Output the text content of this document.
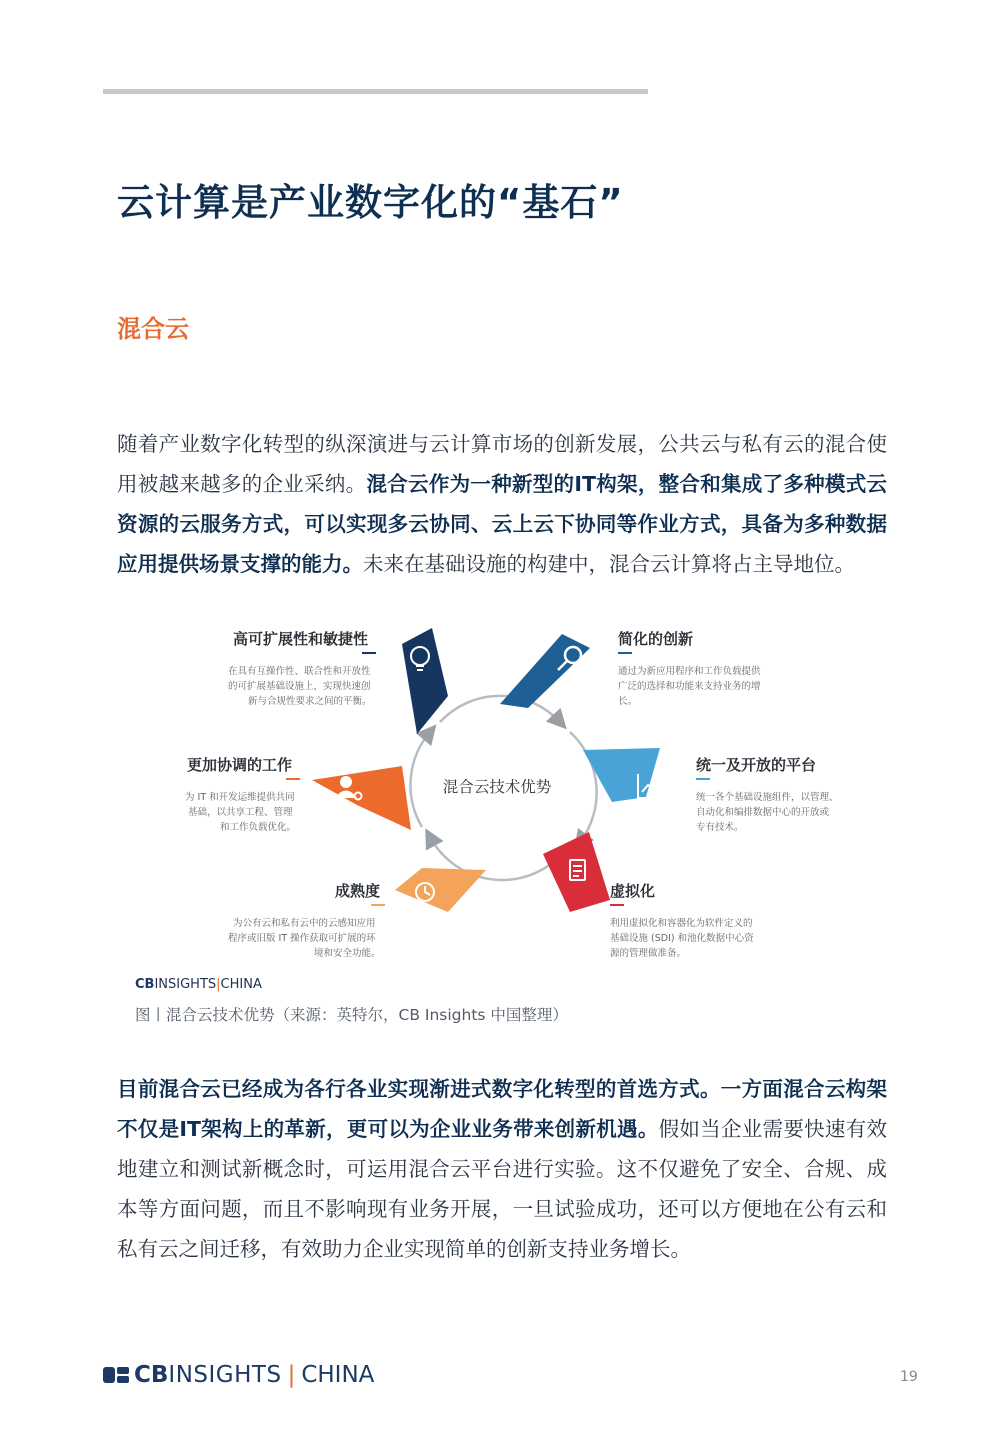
云计算是产业数字化的“基石”
混合云

随着产业数字化转型的纵深演进与云计算市场的创新发展，公共云与私有云的混合使用被越来越多的企业采纳。混合云作为一种新型的IT构架，整合和集成了多种模式云资源的云服务方式，可以实现多云协同、云上云下协同等作业方式，具备为多种数据应用提供场景支撑的能力。未来在基础设施的构建中，混合云计算将占主导地位。

混合云技术优势
高可扩展性和敏捷性
在具有互操作性、联合性和开放性
的可扩展基础设施上，实现快速创
新与合规性要求之间的平衡。
简化的创新
通过为新应用程序和工作负载提供
广泛的选择和功能来支持业务的增
长。
统一及开放的平台
统一各个基础设施组件，以管理、
自动化和编排数据中心的开放或
专有技术。
虚拟化
利用虚拟化和容器化为软件定义的
基础设施 (SDI) 和池化数据中心资
源的管理做准备。
成熟度
为公有云和私有云中的云感知应用
程序或旧版 IT 操作获取可扩展的环
境和安全功能。
更加协调的工作
为 IT 和开发运维提供共同
基础，以共享工程、管理
和工作负载优化。
CBINSIGHTS|CHINA
图丨混合云技术优势（来源：英特尔，CB Insights 中国整理）

目前混合云已经成为各行各业实现渐进式数字化转型的首选方式。一方面混合云构架不仅是IT架构上的革新，更可以为企业业务带来创新机遇。假如当企业需要快速有效地建立和测试新概念时，可运用混合云平台进行实验。这不仅避免了安全、合规、成本等方面问题，而且不影响现有业务开展，一旦试验成功，还可以方便地在公有云和私有云之间迁移，有效助力企业实现简单的创新支持业务增长。

CB INSIGHTS | CHINA	19
